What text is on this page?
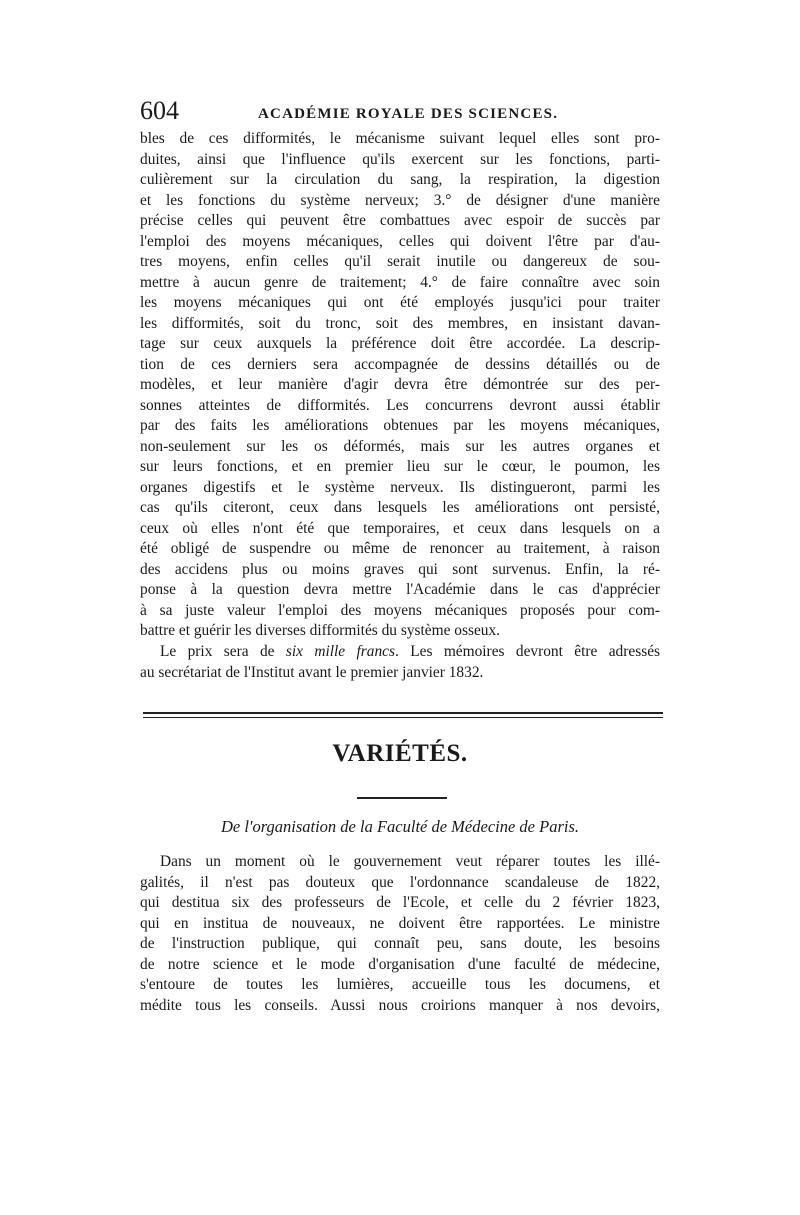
604	ACADÉMIE ROYALE DES SCIENCES.
bles de ces difformités, le mécanisme suivant lequel elles sont pro-
duites, ainsi que l'influence qu'ils exercent sur les fonctions, parti-
culièrement sur la circulation du sang, la respiration, la digestion
et les fonctions du système nerveux; 3.° de désigner d'une manière
précise celles qui peuvent être combattues avec espoir de succès par
l'emploi des moyens mécaniques, celles qui doivent l'être par d'au-
tres moyens, enfin celles qu'il serait inutile ou dangereux de sou-
mettre à aucun genre de traitement; 4.° de faire connaître avec soin
les moyens mécaniques qui ont été employés jusqu'ici pour traiter
les difformités, soit du tronc, soit des membres, en insistant davan-
tage sur ceux auxquels la préférence doit être accordée. La descrip-
tion de ces derniers sera accompagnée de dessins détaillés ou de
modèles, et leur manière d'agir devra être démontrée sur des per-
sonnes atteintes de difformités. Les concurrens devront aussi établir
par des faits les améliorations obtenues par les moyens mécaniques,
non-seulement sur les os déformés, mais sur les autres organes et
sur leurs fonctions, et en premier lieu sur le cœur, le poumon, les
organes digestifs et le système nerveux. Ils distingueront, parmi les
cas qu'ils citeront, ceux dans lesquels les améliorations ont persisté,
ceux où elles n'ont été que temporaires, et ceux dans lesquels on a
été obligé de suspendre ou même de renoncer au traitement, à raison
des accidens plus ou moins graves qui sont survenus. Enfin, la ré-
ponse à la question devra mettre l'Académie dans le cas d'apprécier
à sa juste valeur l'emploi des moyens mécaniques proposés pour com-
battre et guérir les diverses difformités du système osseux.
Le prix sera de six mille francs. Les mémoires devront être adressés
au secrétariat de l'Institut avant le premier janvier 1832.
VARIÉTÉS.
De l'organisation de la Faculté de Médecine de Paris.
Dans un moment où le gouvernement veut réparer toutes les illé-
galités, il n'est pas douteux que l'ordonnance scandaleuse de 1822,
qui destitua six des professeurs de l'Ecole, et celle du 2 février 1823,
qui en institua de nouveaux, ne doivent être rapportées. Le ministre
de l'instruction publique, qui connaît peu, sans doute, les besoins
de notre science et le mode d'organisation d'une faculté de médecine,
s'entoure de toutes les lumières, accueille tous les documens, et
médite tous les conseils. Aussi nous croirions manquer à nos devoirs,
